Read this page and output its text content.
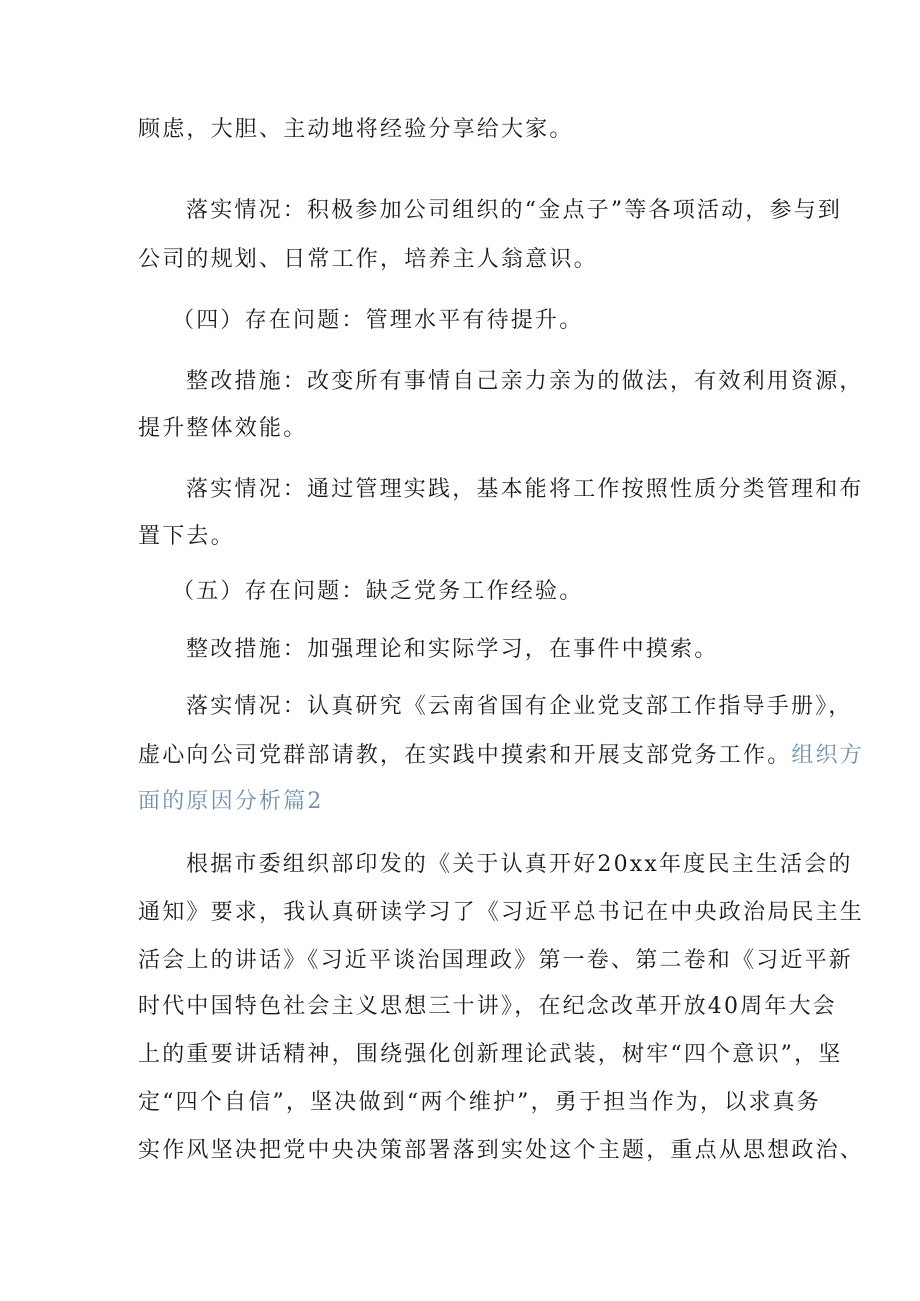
顾虑，大胆、主动地将经验分享给大家。
落实情况：积极参加公司组织的“金点子”等各项活动，参与到
公司的规划、日常工作，培养主人翁意识。
（四）存在问题：管理水平有待提升。
整改措施：改变所有事情自己亲力亲为的做法，有效利用资源，
提升整体效能。
落实情况：通过管理实践，基本能将工作按照性质分类管理和布
置下去。
（五）存在问题：缺乏党务工作经验。
整改措施：加强理论和实际学习，在事件中摸索。
落实情况：认真研究《云南省国有企业党支部工作指导手册》，
虚心向公司党群部请教，在实践中摸索和开展支部党务工作。组织方
面的原因分析篇2
根据市委组织部印发的《关于认真开好20xx年度民主生活会的
通知》要求，我认真研读学习了《习近平总书记在中央政治局民主生
活会上的讲话》《习近平谈治国理政》第一卷、第二卷和《习近平新
时代中国特色社会主义思想三十讲》，在纪念改革开放40周年大会
上的重要讲话精神，围绕强化创新理论武装，树牢“四个意识”，坚
定“四个自信”，坚决做到“两个维护”，勇于担当作为，以求真务
实作风坚决把党中央决策部署落到实处这个主题，重点从思想政治、
